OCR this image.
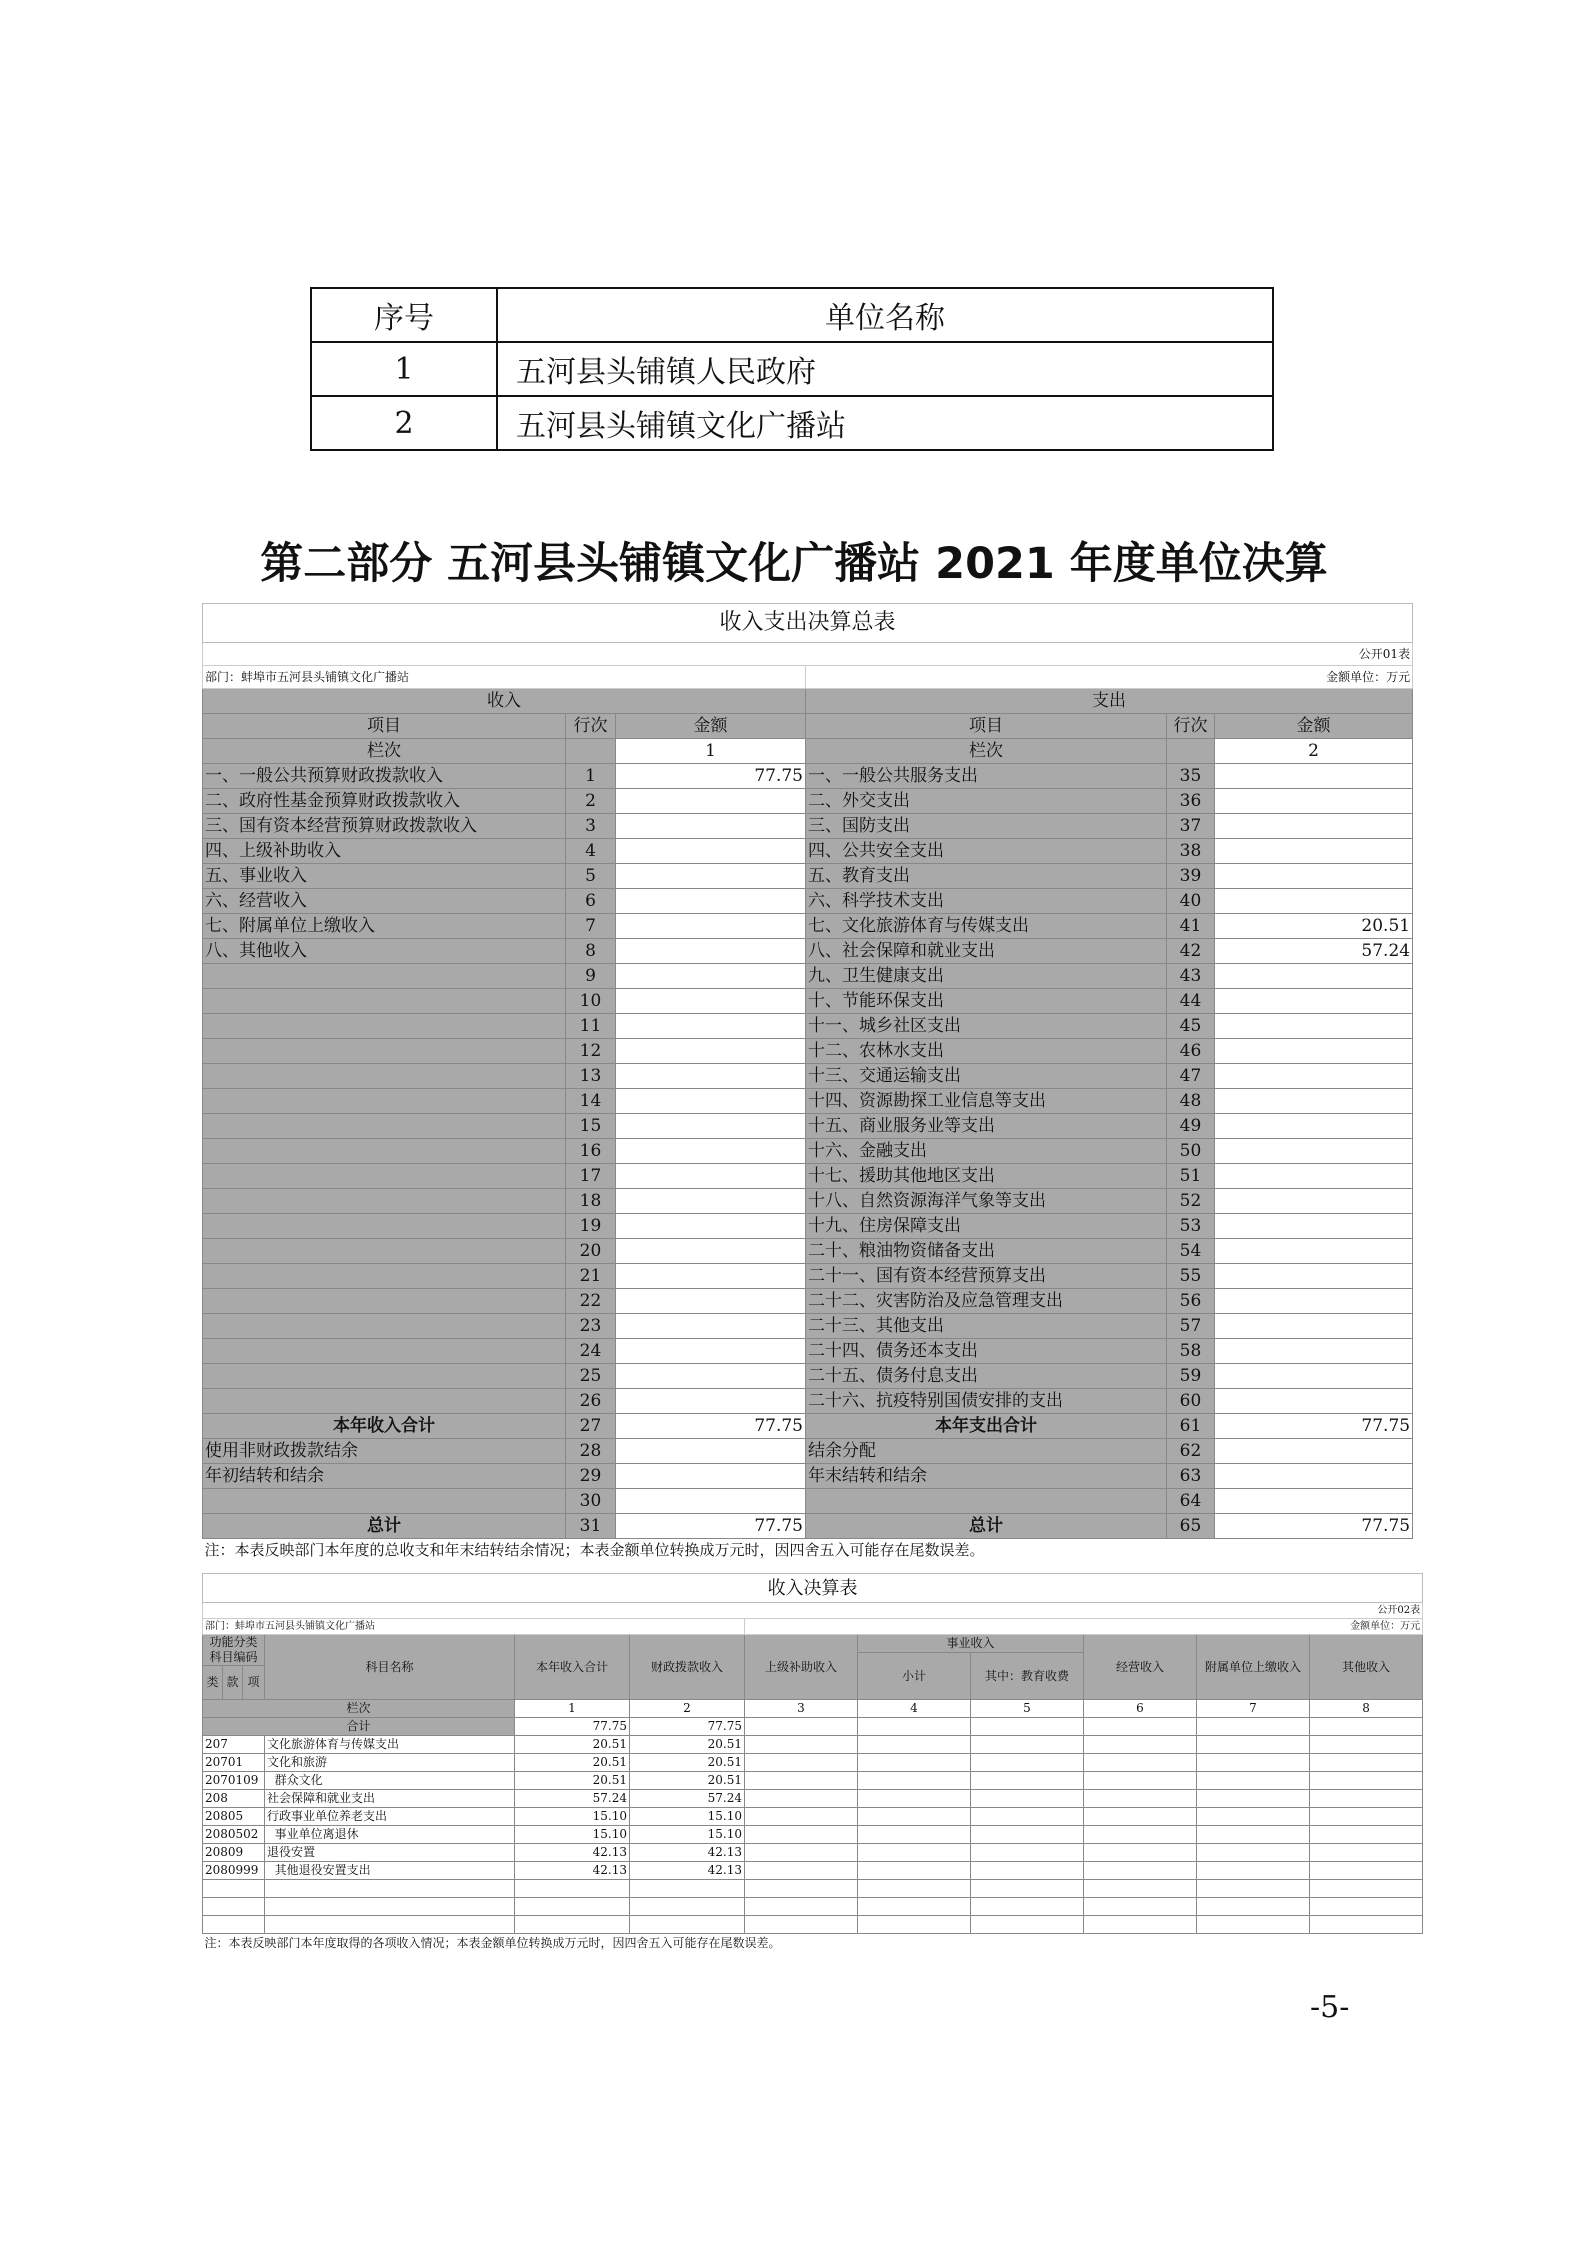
序号	单位名称
1	五河县头铺镇人民政府
2	五河县头铺镇文化广播站
第二部分 五河县头铺镇文化广播站 2021 年度单位决算
收入支出决算总表					
公开01表					
部门：蚌埠市五河县头铺镇文化广播站			金额单位：万元		
收入			支出		
项目	行次	金额	项目	行次	金额
栏次		1	栏次		2
一、一般公共预算财政拨款收入	1	77.75	一、一般公共服务支出	35	
二、政府性基金预算财政拨款收入	2		二、外交支出	36	
三、国有资本经营预算财政拨款收入	3		三、国防支出	37	
四、上级补助收入	4		四、公共安全支出	38	
五、事业收入	5		五、教育支出	39	
六、经营收入	6		六、科学技术支出	40	
七、附属单位上缴收入	7		七、文化旅游体育与传媒支出	41	20.51
八、其他收入	8		八、社会保障和就业支出	42	57.24
	9		九、卫生健康支出	43	
	10		十、节能环保支出	44	
	11		十一、城乡社区支出	45	
	12		十二、农林水支出	46	
	13		十三、交通运输支出	47	
	14		十四、资源勘探工业信息等支出	48	
	15		十五、商业服务业等支出	49	
	16		十六、金融支出	50	
	17		十七、援助其他地区支出	51	
	18		十八、自然资源海洋气象等支出	52	
	19		十九、住房保障支出	53	
	20		二十、粮油物资储备支出	54	
	21		二十一、国有资本经营预算支出	55	
	22		二十二、灾害防治及应急管理支出	56	
	23		二十三、其他支出	57	
	24		二十四、债务还本支出	58	
	25		二十五、债务付息支出	59	
	26		二十六、抗疫特别国债安排的支出	60	
本年收入合计	27	77.75	本年支出合计	61	77.75
使用非财政拨款结余	28		结余分配	62	
年初结转和结余	29		年末结转和结余	63	
	30			64	
总计	31	77.75	总计	65	77.75
注：本表反映部门本年度的总收支和年末结转结余情况；本表金额单位转换成万元时，因四舍五入可能存在尾数误差。					
收入决算表											
公开02表											
部门：蚌埠市五河县头铺镇文化广播站						金额单位：万元					
功能分类科目编码			科目名称	本年收入合计	财政拨款收入	上级补助收入	事业收入		经营收入	附属单位上缴收入	其他收入
							小计	其中：教育收费			
类	款	项									
栏次				1	2	3	4	5	6	7	8
合计				77.75	77.75						
207			文化旅游体育与传媒支出	20.51	20.51						
20701			文化和旅游	20.51	20.51						
2070109			群众文化	20.51	20.51						
208			社会保障和就业支出	57.24	57.24						
20805			行政事业单位养老支出	15.10	15.10						
2080502			事业单位离退休	15.10	15.10						
20809			退役安置	42.13	42.13						
2080999			其他退役安置支出	42.13	42.13						

注：本表反映部门本年度取得的各项收入情况；本表金额单位转换成万元时，因四舍五入可能存在尾数误差。											
-5-
